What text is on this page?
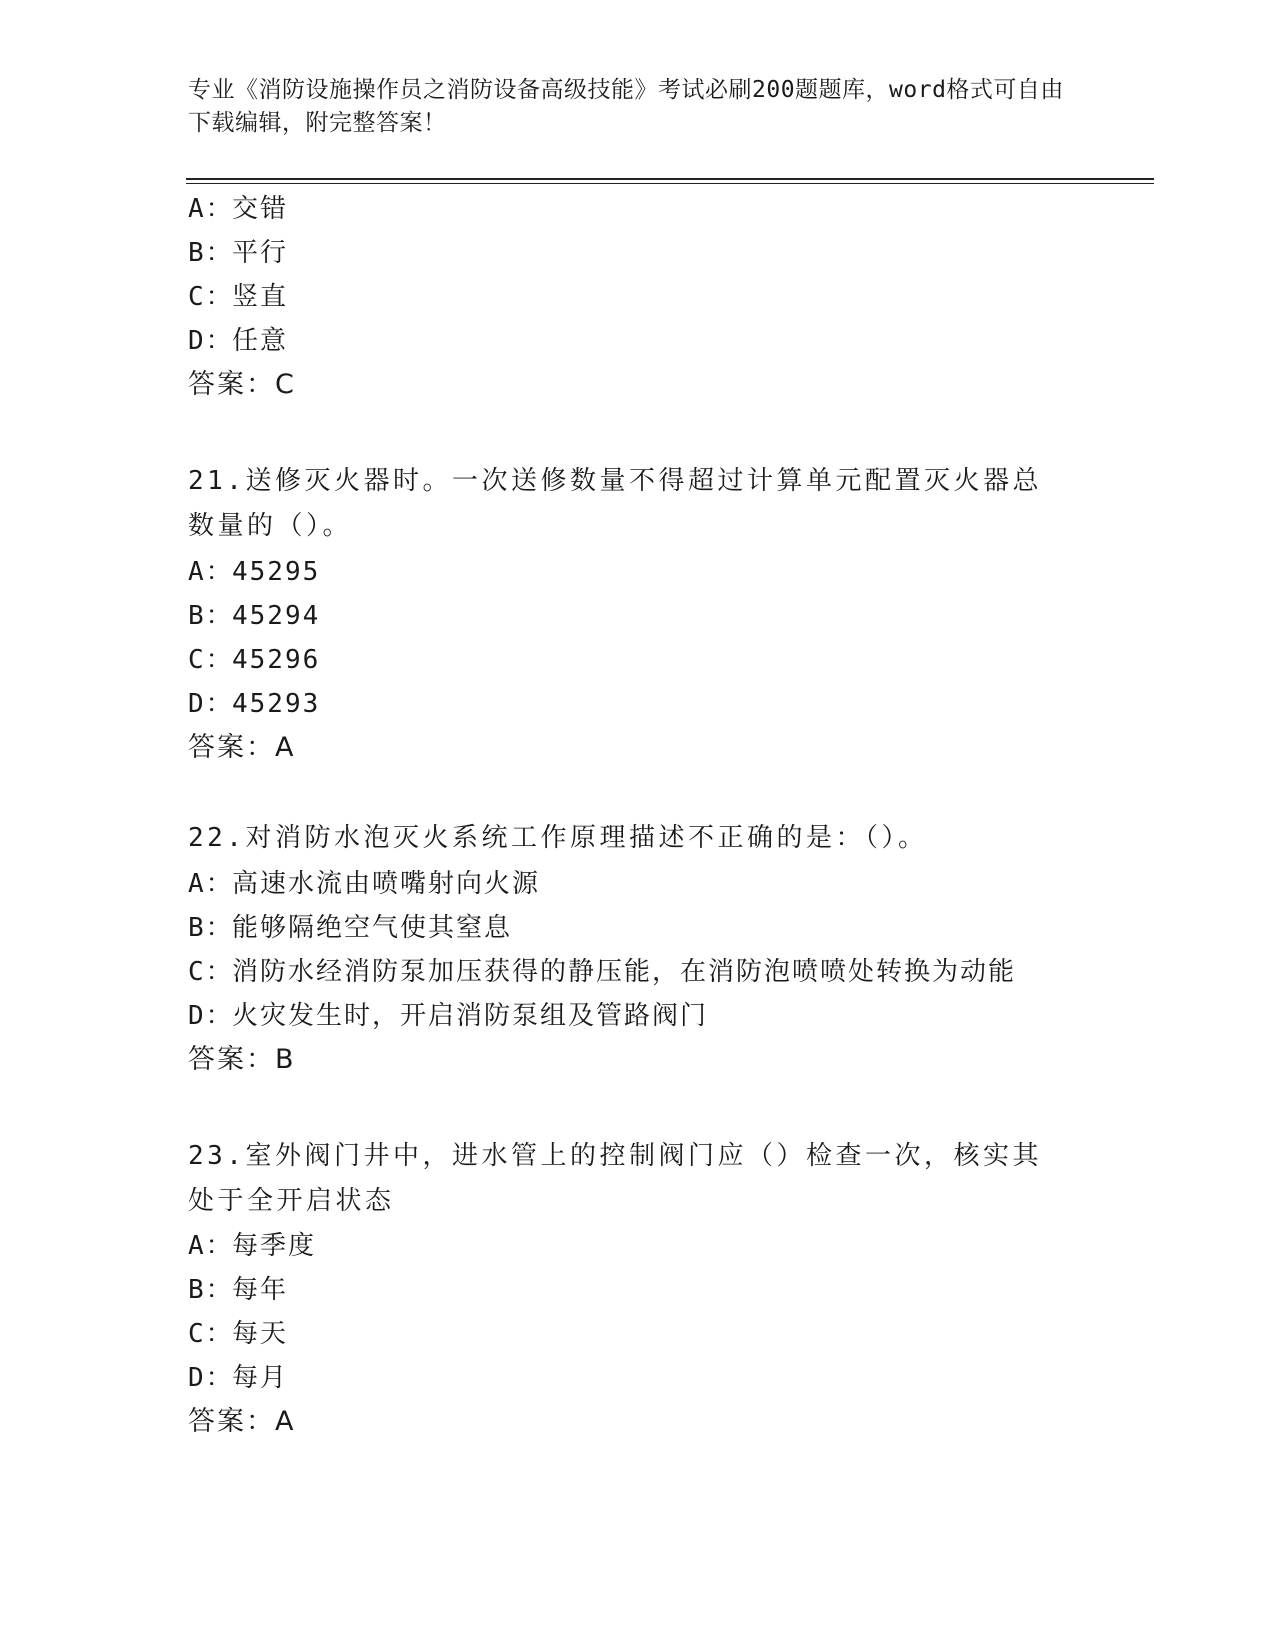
专业《消防设施操作员之消防设备高级技能》考试必刷200题题库，word格式可自由下载编辑，附完整答案！
A：交错
B：平行
C：竖直
D：任意
答案：C
21.送修灭火器时。一次送修数量不得超过计算单元配置灭火器总数量的（）。
A：45295
B：45294
C：45296
D：45293
答案：A
22.对消防水泡灭火系统工作原理描述不正确的是：（）。
A：高速水流由喷嘴射向火源
B：能够隔绝空气使其窒息
C：消防水经消防泵加压获得的静压能，在消防泡喷喷处转换为动能
D：火灾发生时，开启消防泵组及管路阀门
答案：B
23.室外阀门井中，进水管上的控制阀门应（）检查一次，核实其处于全开启状态
A：每季度
B：每年
C：每天
D：每月
答案：A
